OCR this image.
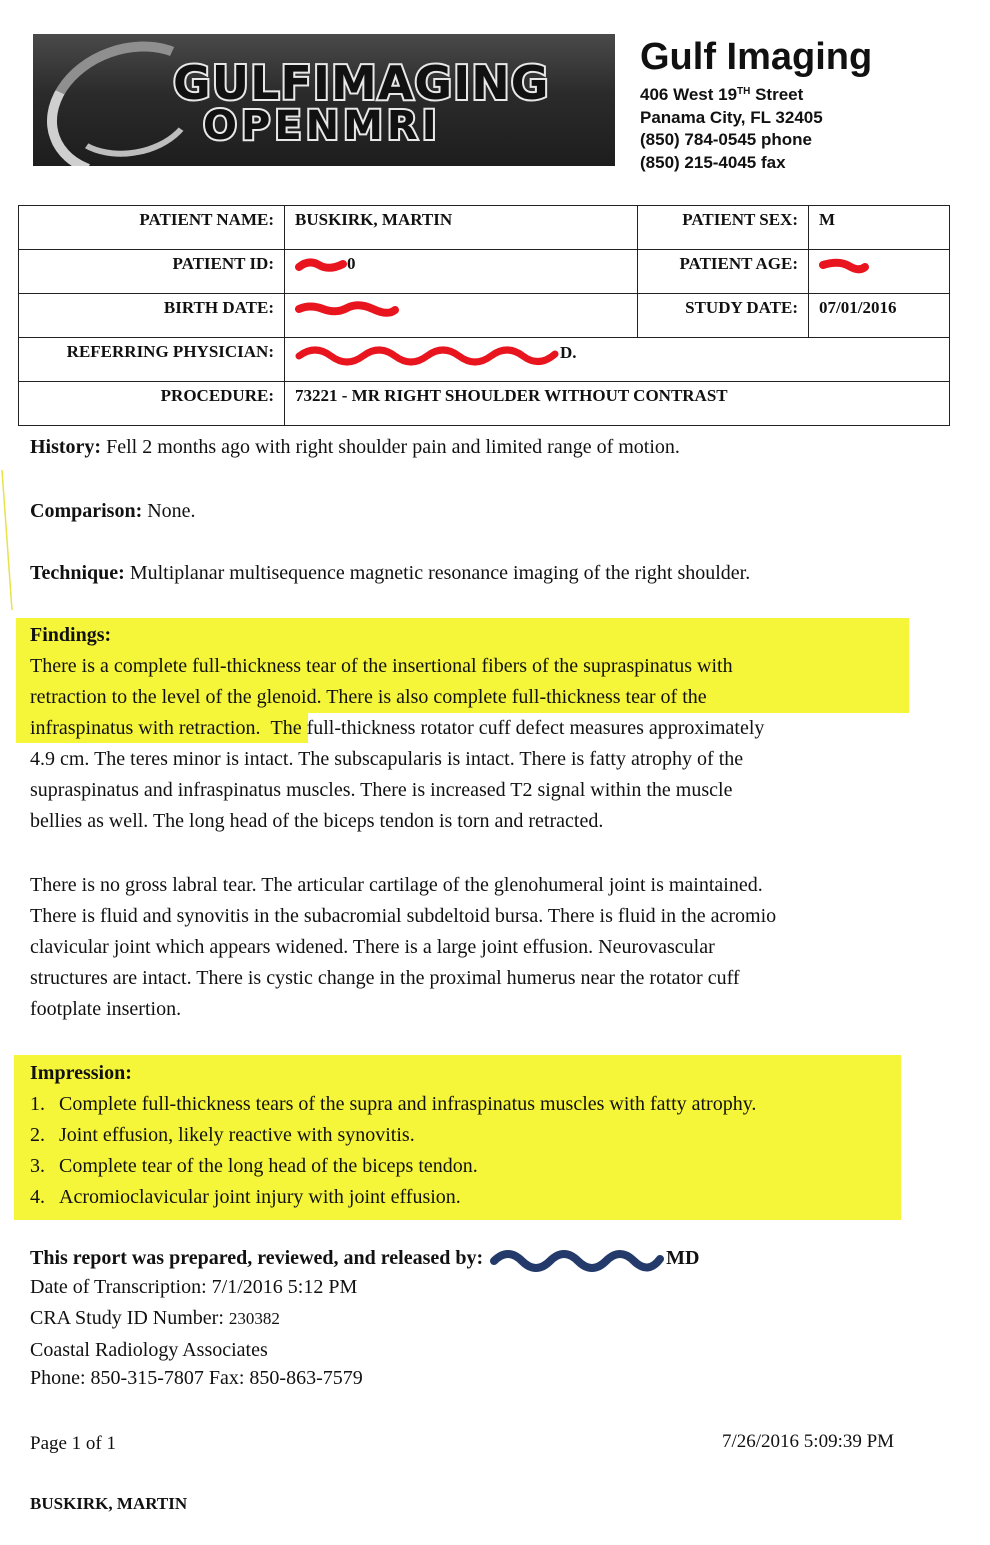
GULFIMAGING
OPENMRI
Gulf Imaging
406 West 19TH Street
Panama City, FL 32405
(850) 784-0545 phone
(850) 215-4045 fax
PATIENT NAME:	BUSKIRK, MARTIN	PATIENT SEX:	M
PATIENT ID:	0	PATIENT AGE:	
BIRTH DATE:		STUDY DATE:	07/01/2016
REFERRING PHYSICIAN:	D.		
PROCEDURE:	73221 - MR RIGHT SHOULDER WITHOUT CONTRAST		
History: Fell 2 months ago with right shoulder pain and limited range of motion.
Comparison: None.
Technique: Multiplanar multisequence magnetic resonance imaging of the right shoulder.
Findings:
There is a complete full-thickness tear of the insertional fibers of the supraspinatus with
retraction to the level of the glenoid. There is also complete full-thickness tear of the
infraspinatus with retraction. The full-thickness rotator cuff defect measures approximately
4.9 cm. The teres minor is intact. The subscapularis is intact. There is fatty atrophy of the
supraspinatus and infraspinatus muscles. There is increased T2 signal within the muscle
bellies as well. The long head of the biceps tendon is torn and retracted.
There is no gross labral tear. The articular cartilage of the glenohumeral joint is maintained.
There is fluid and synovitis in the subacromial subdeltoid bursa. There is fluid in the acromio
clavicular joint which appears widened. There is a large joint effusion. Neurovascular
structures are intact. There is cystic change in the proximal humerus near the rotator cuff
footplate insertion.
Impression:
1. Complete full-thickness tears of the supra and infraspinatus muscles with fatty atrophy.
2. Joint effusion, likely reactive with synovitis.
3. Complete tear of the long head of the biceps tendon.
4. Acromioclavicular joint injury with joint effusion.
This report was prepared, reviewed, and released by:	MD
Date of Transcription: 7/1/2016 5:12 PM
CRA Study ID Number: 230382
Coastal Radiology Associates
Phone: 850-315-7807 Fax: 850-863-7579
Page 1 of 1	7/26/2016 5:09:39 PM
BUSKIRK, MARTIN
